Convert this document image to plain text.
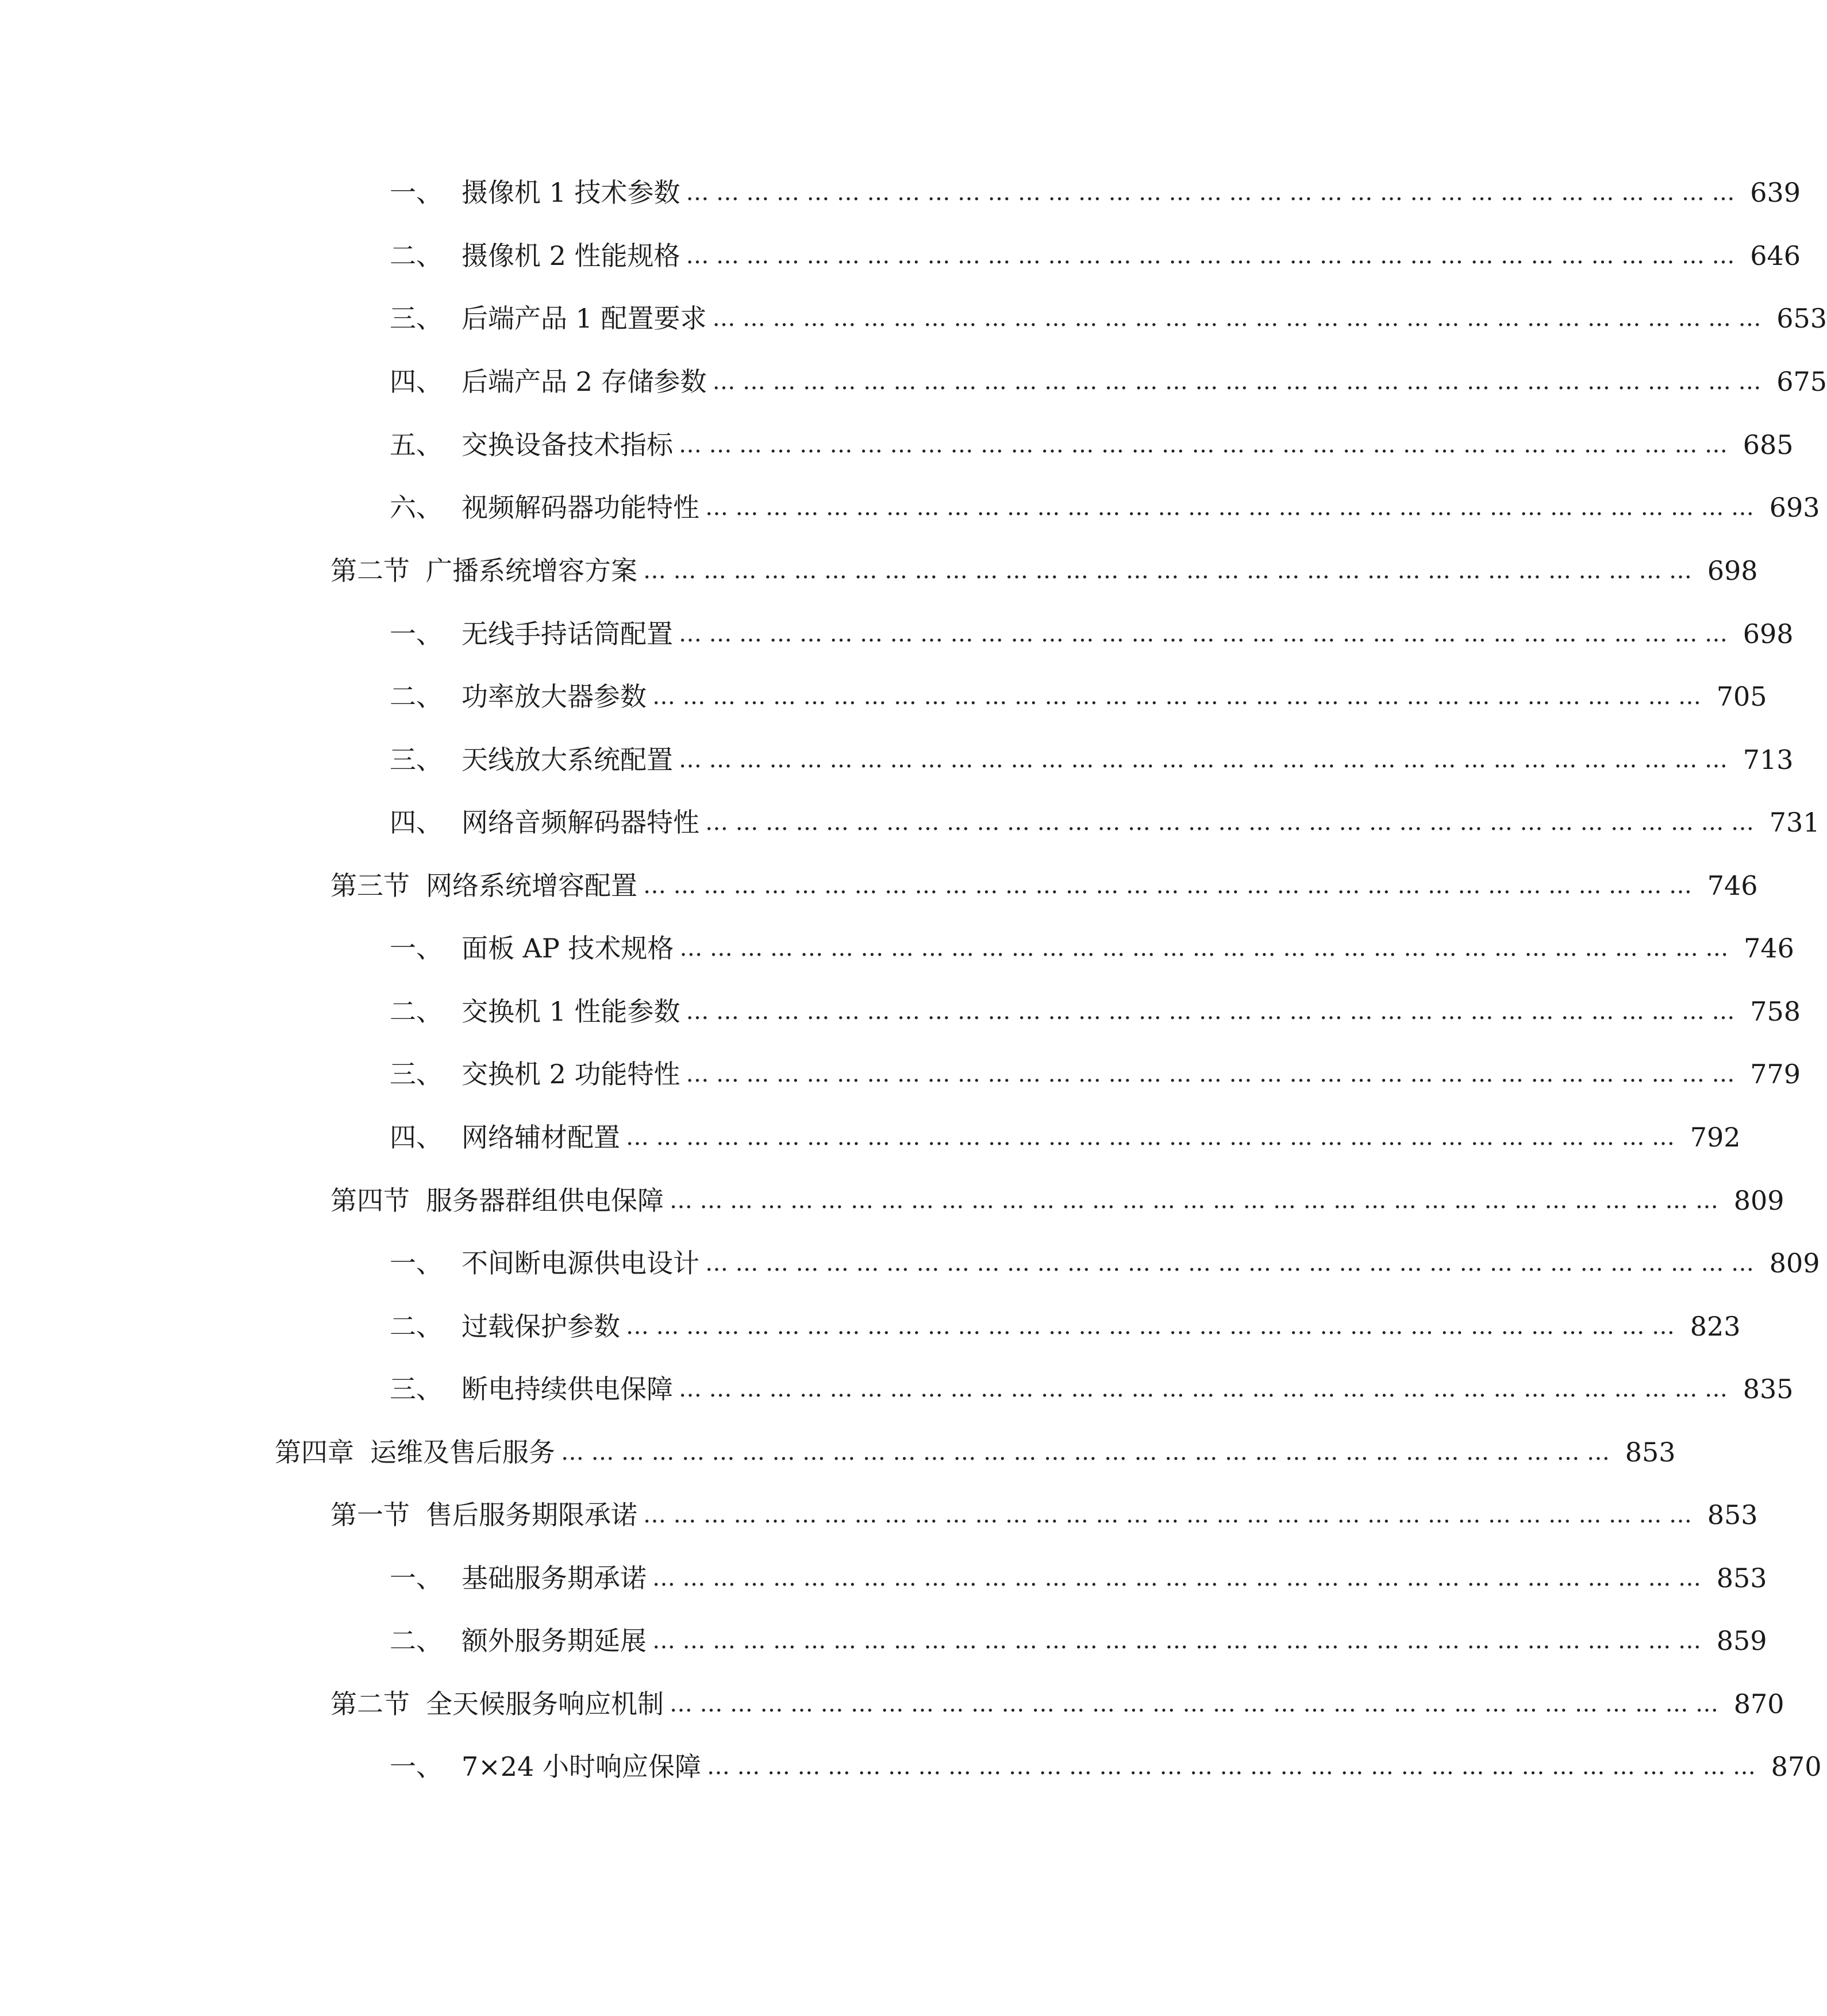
一、 摄像机 1 技术参数 …………………………………………………………………………………………… 639
二、 摄像机 2 性能规格 …………………………………………………………………………………………… 646
三、 后端产品 1 配置要求 …………………………………………………………………………………………… 653
四、 后端产品 2 存储参数 …………………………………………………………………………………………… 675
五、 交换设备技术指标 …………………………………………………………………………………………… 685
六、 视频解码器功能特性 …………………………………………………………………………………………… 693
第二节 广播系统增容方案 …………………………………………………………………………………………… 698
一、 无线手持话筒配置 …………………………………………………………………………………………… 698
二、 功率放大器参数 …………………………………………………………………………………………… 705
三、 天线放大系统配置 …………………………………………………………………………………………… 713
四、 网络音频解码器特性 …………………………………………………………………………………………… 731
第三节 网络系统增容配置 …………………………………………………………………………………………… 746
一、 面板 AP 技术规格 …………………………………………………………………………………………… 746
二、 交换机 1 性能参数 …………………………………………………………………………………………… 758
三、 交换机 2 功能特性 …………………………………………………………………………………………… 779
四、 网络辅材配置 …………………………………………………………………………………………… 792
第四节 服务器群组供电保障 …………………………………………………………………………………………… 809
一、 不间断电源供电设计 …………………………………………………………………………………………… 809
二、 过载保护参数 …………………………………………………………………………………………… 823
三、 断电持续供电保障 …………………………………………………………………………………………… 835
第四章 运维及售后服务 …………………………………………………………………………………………… 853
第一节 售后服务期限承诺 …………………………………………………………………………………………… 853
一、 基础服务期承诺 …………………………………………………………………………………………… 853
二、 额外服务期延展 …………………………………………………………………………………………… 859
第二节 全天候服务响应机制 …………………………………………………………………………………………… 870
一、 7×24 小时响应保障 …………………………………………………………………………………………… 870
